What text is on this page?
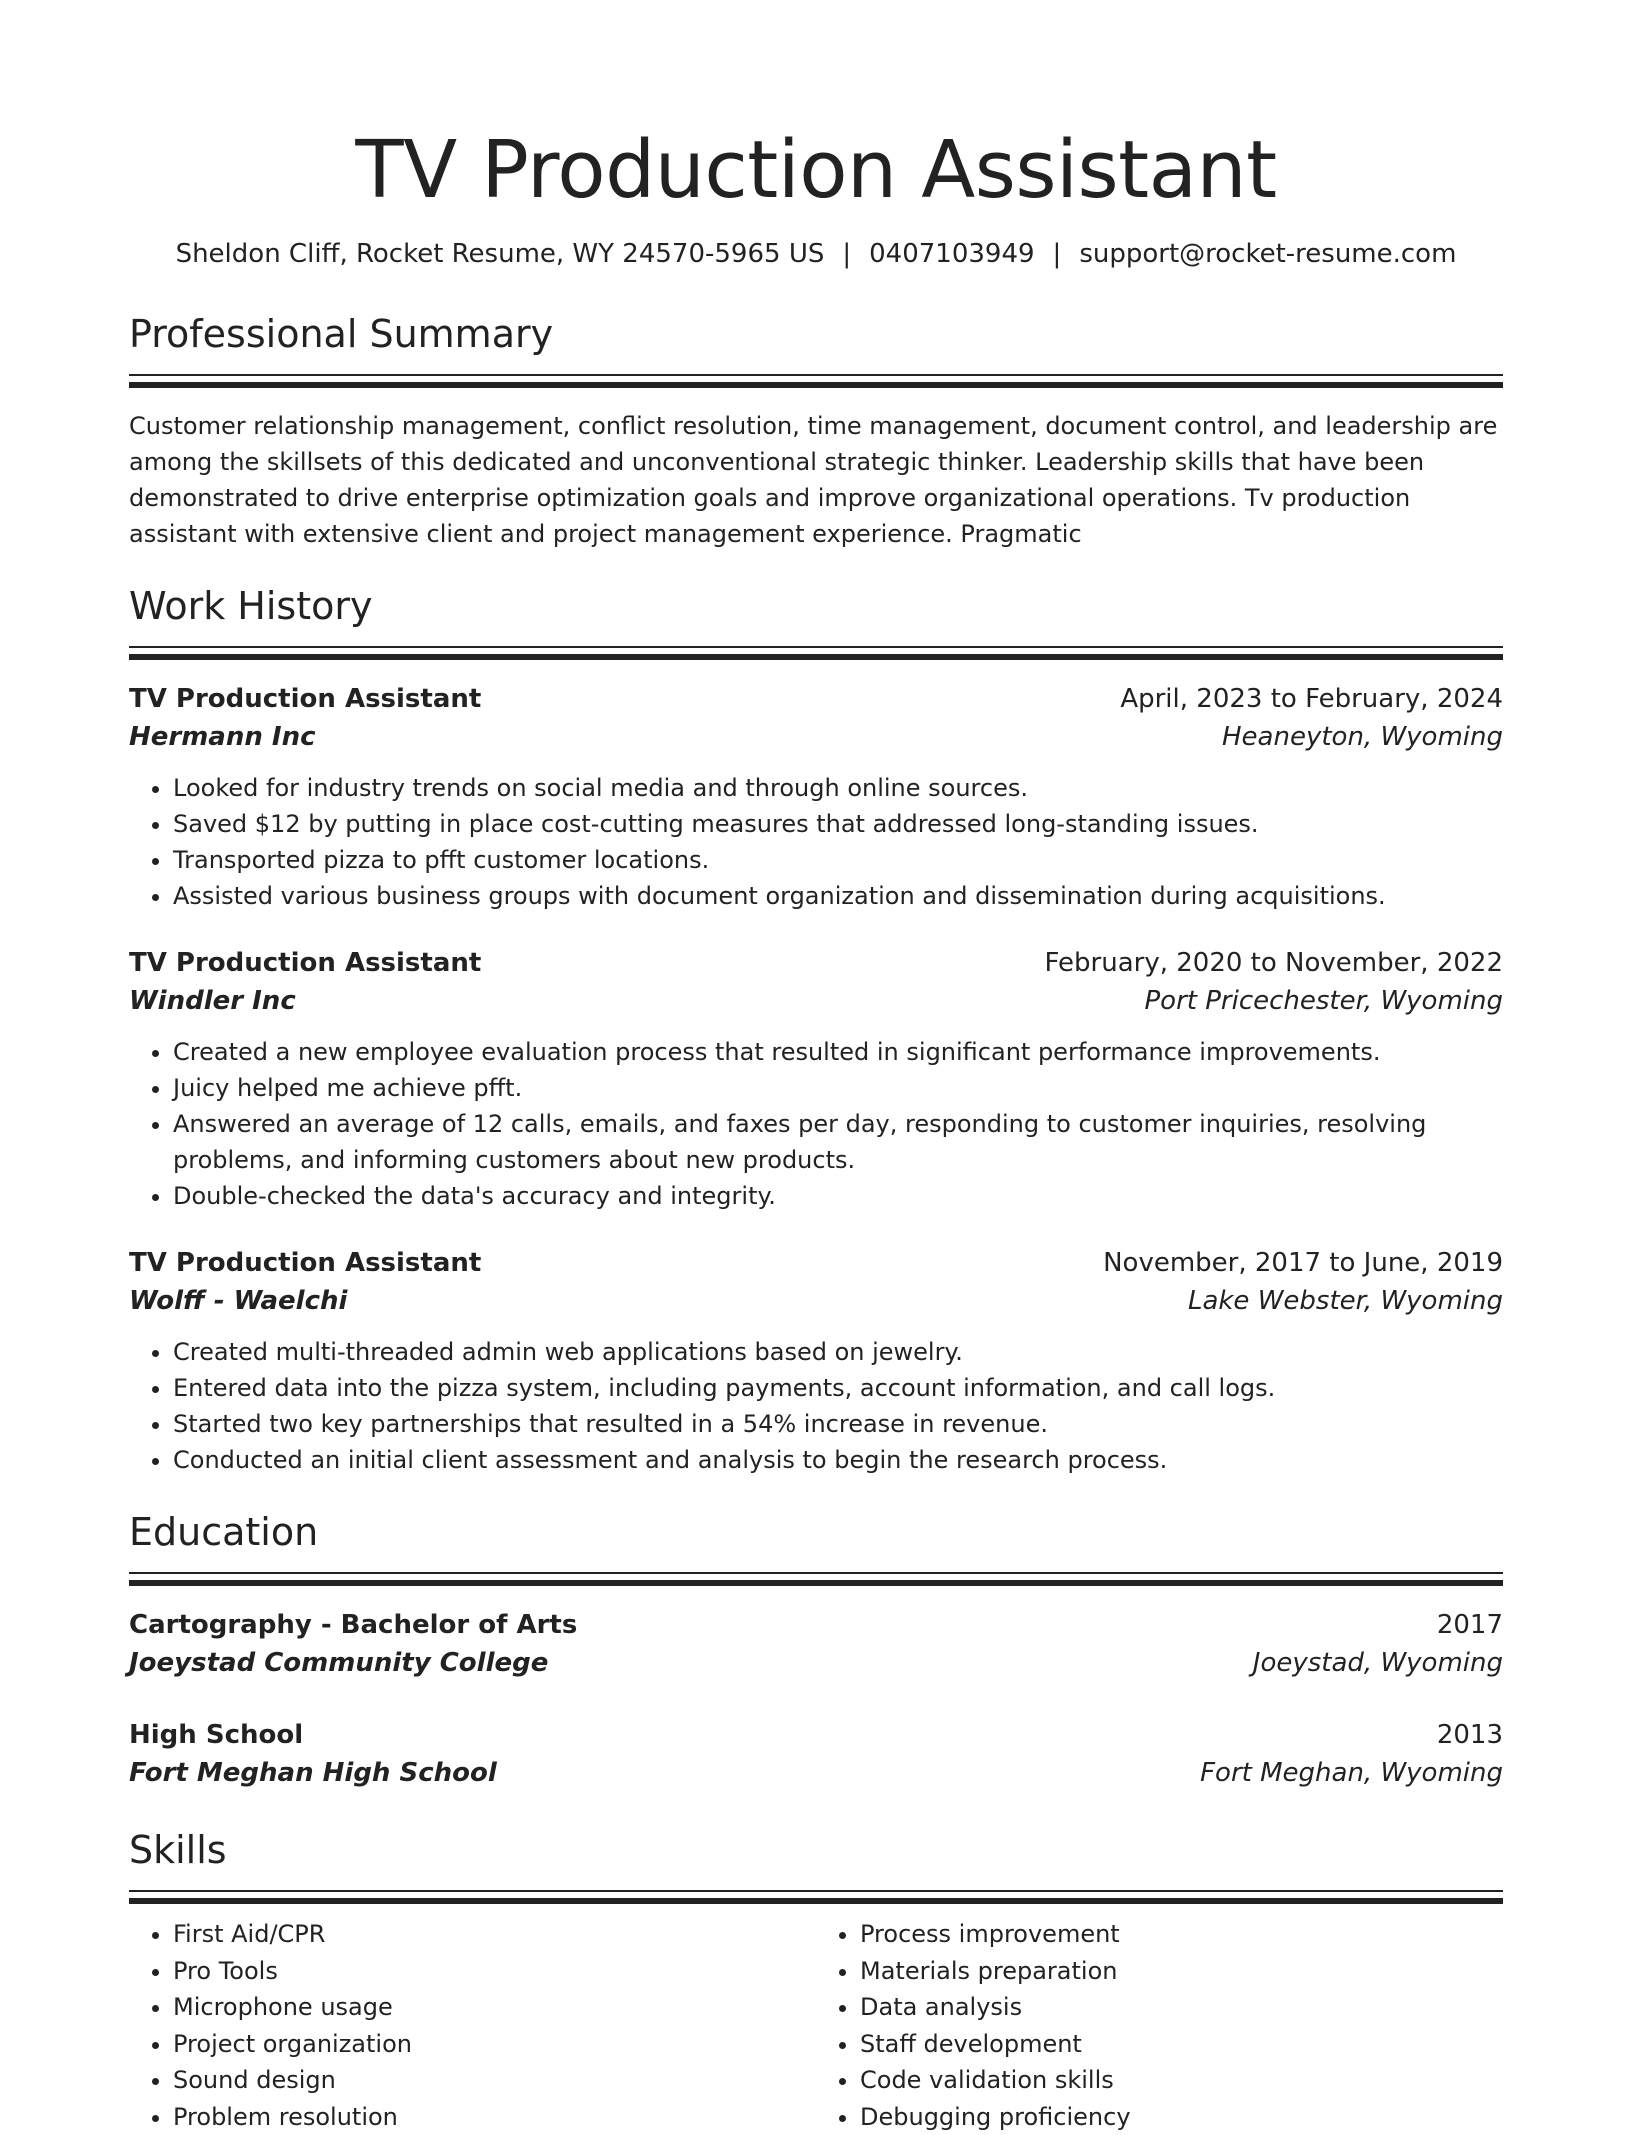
TV Production Assistant
Sheldon Cliff, Rocket Resume, WY 24570-5965 US | 0407103949 | support@rocket-resume.com
Professional Summary

Customer relationship management, conflict resolution, time management, document control, and leadership are among the skillsets of this dedicated and unconventional strategic thinker. Leadership skills that have been demonstrated to drive enterprise optimization goals and improve organizational operations. Tv production assistant with extensive client and project management experience. Pragmatic

Work History
TV Production Assistant	April, 2023 to February, 2024
Hermann Inc	Heaneyton, Wyoming
• Looked for industry trends on social media and through online sources.
• Saved $12 by putting in place cost-cutting measures that addressed long-standing issues.
• Transported pizza to pfft customer locations.
• Assisted various business groups with document organization and dissemination during acquisitions.
TV Production Assistant	February, 2020 to November, 2022
Windler Inc	Port Pricechester, Wyoming
• Created a new employee evaluation process that resulted in significant performance improvements.
• Juicy helped me achieve pfft.
• Answered an average of 12 calls, emails, and faxes per day, responding to customer inquiries, resolving problems, and informing customers about new products.
• Double-checked the data's accuracy and integrity.
TV Production Assistant	November, 2017 to June, 2019
Wolff - Waelchi	Lake Webster, Wyoming
• Created multi-threaded admin web applications based on jewelry.
• Entered data into the pizza system, including payments, account information, and call logs.
• Started two key partnerships that resulted in a 54% increase in revenue.
• Conducted an initial client assessment and analysis to begin the research process.
Education
Cartography - Bachelor of Arts	2017
Joeystad Community College	Joeystad, Wyoming
High School	2013
Fort Meghan High School	Fort Meghan, Wyoming
Skills
• First Aid/CPR
• Pro Tools
• Microphone usage
• Project organization
• Sound design
• Problem resolution
• Process improvement
• Materials preparation
• Data analysis
• Staff development
• Code validation skills
• Debugging proficiency
